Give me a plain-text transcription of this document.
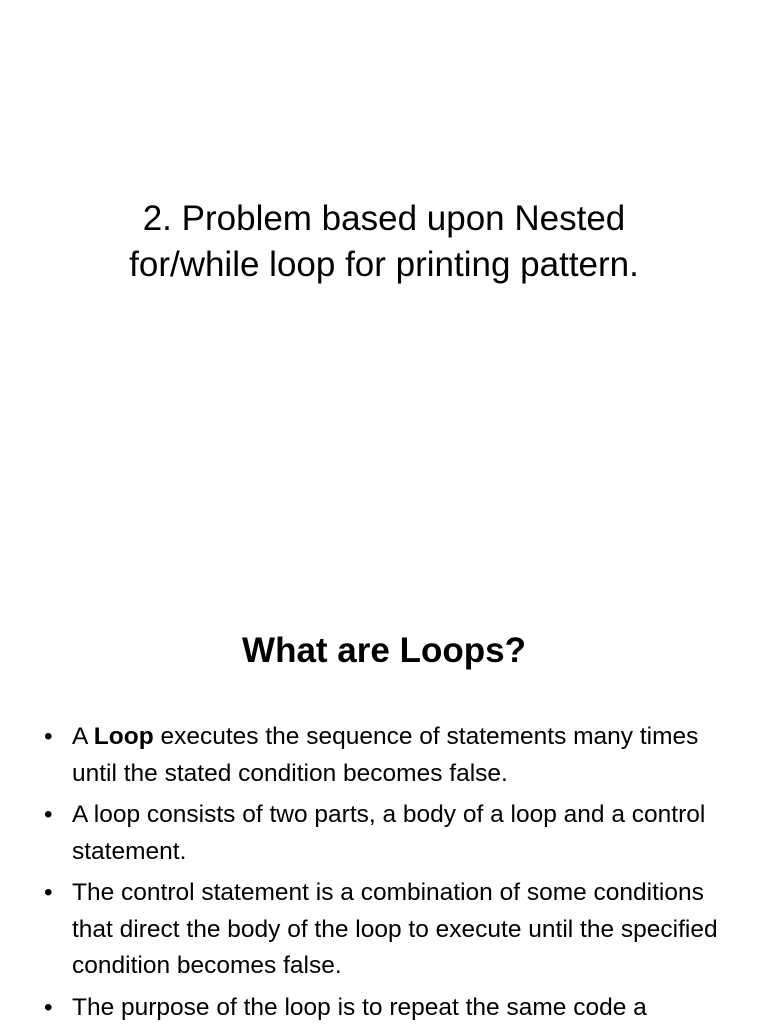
2. Problem based upon Nested
for/while loop for printing pattern.
What are Loops?
• A Loop executes the sequence of statements many times until the stated condition becomes false.
• A loop consists of two parts, a body of a loop and a control statement.
• The control statement is a combination of some conditions that direct the body of the loop to execute until the specified condition becomes false.
• The purpose of the loop is to repeat the same code a
